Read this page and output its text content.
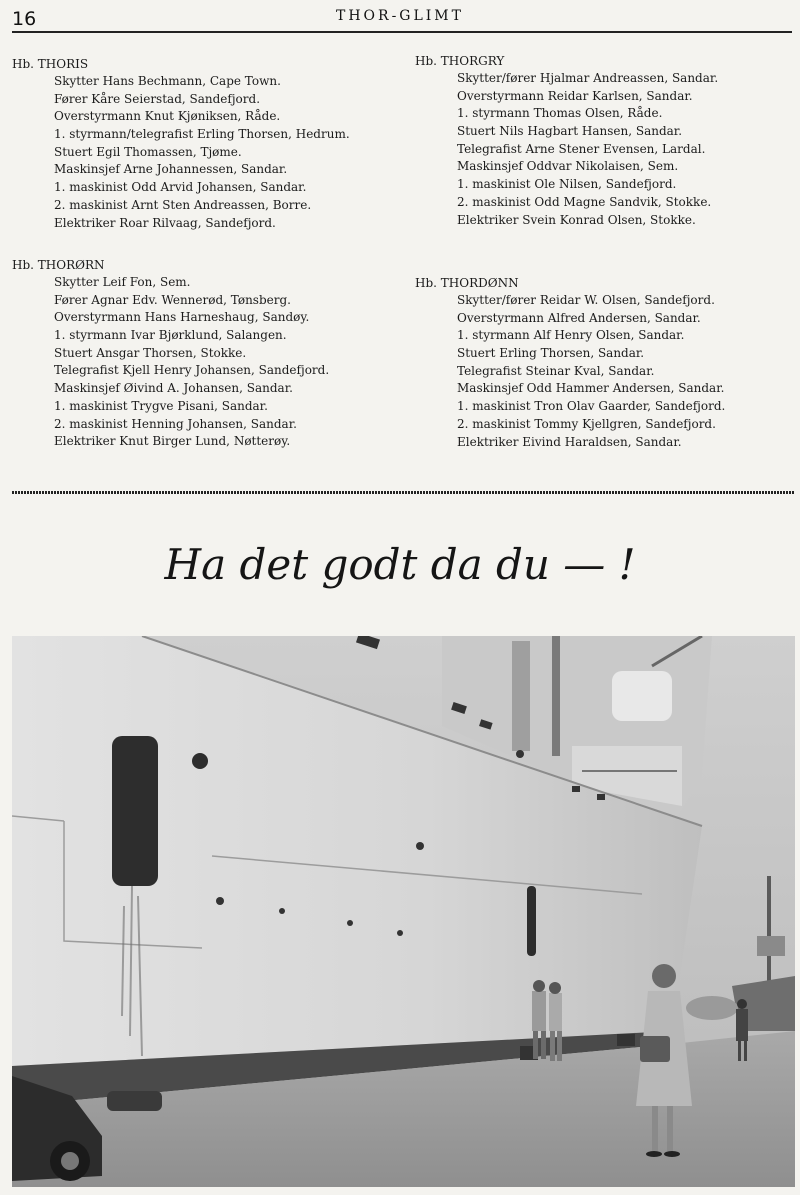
16	THOR-GLIMT
Hb. THORIS
Skytter Hans Bechmann, Cape Town.
Fører Kåre Seierstad, Sandefjord.
Overstyrmann Knut Kjøniksen, Råde.
1. styrmann/telegrafist Erling Thorsen, Hedrum.
Stuert Egil Thomassen, Tjøme.
Maskinsjef Arne Johannessen, Sandar.
1. maskinist Odd Arvid Johansen, Sandar.
2. maskinist Arnt Sten Andreassen, Borre.
Elektriker Roar Rilvaag, Sandefjord.
Hb. THORØRN
Skytter Leif Fon, Sem.
Fører Agnar Edv. Wennerød, Tønsberg.
Overstyrmann Hans Harneshaug, Sandøy.
1. styrmann Ivar Bjørklund, Salangen.
Stuert Ansgar Thorsen, Stokke.
Telegrafist Kjell Henry Johansen, Sandefjord.
Maskinsjef Øivind A. Johansen, Sandar.
1. maskinist Trygve Pisani, Sandar.
2. maskinist Henning Johansen, Sandar.
Elektriker Knut Birger Lund, Nøtterøy.
Hb. THORGRY
Skytter/fører Hjalmar Andreassen, Sandar.
Overstyrmann Reidar Karlsen, Sandar.
1. styrmann Thomas Olsen, Råde.
Stuert Nils Hagbart Hansen, Sandar.
Telegrafist Arne Stener Evensen, Lardal.
Maskinsjef Oddvar Nikolaisen, Sem.
1. maskinist Ole Nilsen, Sandefjord.
2. maskinist Odd Magne Sandvik, Stokke.
Elektriker Svein Konrad Olsen, Stokke.
Hb. THORDØNN
Skytter/fører Reidar W. Olsen, Sandefjord.
Overstyrmann Alfred Andersen, Sandar.
1. styrmann Alf Henry Olsen, Sandar.
Stuert Erling Thorsen, Sandar.
Telegrafist Steinar Kval, Sandar.
Maskinsjef Odd Hammer Andersen, Sandar.
1. maskinist Tron Olav Gaarder, Sandefjord.
2. maskinist Tommy Kjellgren, Sandefjord.
Elektriker Eivind Haraldsen, Sandar.
Ha det godt da du — !
